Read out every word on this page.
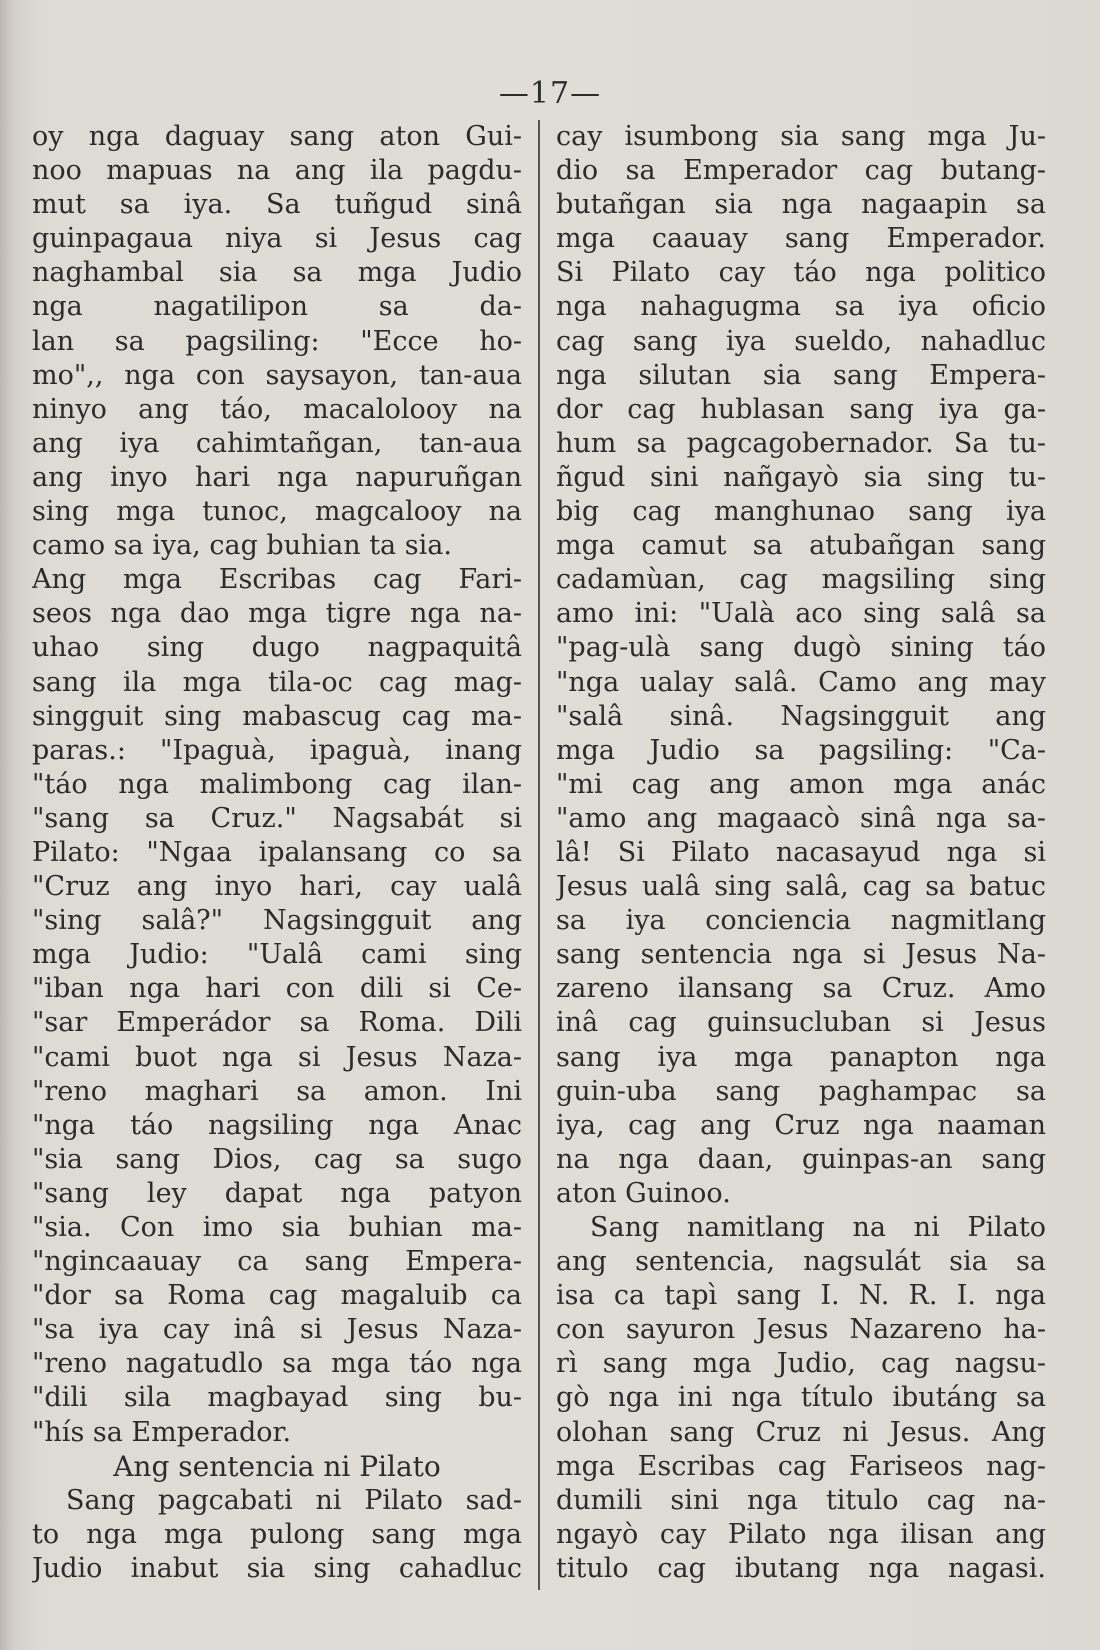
—17—
oy nga daguay sang aton Gui-
noo mapuas na ang ila pagdu-
mut sa iya. Sa tuñgud sinâ
guinpagaua niya si Jesus cag
naghambal sia sa mga Judio
nga nagatilipon sa da-
lan sa pagsiling: "Ecce ho-
mo",, nga con saysayon, tan-aua
ninyo ang táo, macalolooy na
ang iya cahimtañgan, tan-aua
ang inyo hari nga napuruñgan
sing mga tunoc, magcalooy na
camo sa iya, cag buhian ta sia.
Ang mga Escribas cag Fari-
seos nga dao mga tigre nga na-
uhao sing dugo nagpaquitâ
sang ila mga tila-oc cag mag-
singguit sing mabascug cag ma-
paras.: "Ipaguà, ipaguà, inang
"táo nga malimbong cag ilan-
"sang sa Cruz." Nagsabát si
Pilato: "Ngaa ipalansang co sa
"Cruz ang inyo hari, cay ualâ
"sing salâ?" Nagsingguit ang
mga Judio: "Ualâ cami sing
"iban nga hari con dili si Ce-
"sar Emperádor sa Roma. Dili
"cami buot nga si Jesus Naza-
"reno maghari sa amon. Ini
"nga táo nagsiling nga Anac
"sia sang Dios, cag sa sugo
"sang ley dapat nga patyon
"sia. Con imo sia buhian ma-
"ngincaauay ca sang Empera-
"dor sa Roma cag magaluib ca
"sa iya cay inâ si Jesus Naza-
"reno nagatudlo sa mga táo nga
"dili sila magbayad sing bu-
"hís sa Emperador.
Ang sentencia ni Pilato
Sang pagcabati ni Pilato sad-
to nga mga pulong sang mga
Judio inabut sia sing cahadluc
cay isumbong sia sang mga Ju-
dio sa Emperador cag butang-
butañgan sia nga nagaapin sa
mga caauay sang Emperador.
Si Pilato cay táo nga politico
nga nahagugma sa iya oficio
cag sang iya sueldo, nahadluc
nga silutan sia sang Empera-
dor cag hublasan sang iya ga-
hum sa pagcagobernador. Sa tu-
ñgud sini nañgayò sia sing tu-
big cag manghunao sang iya
mga camut sa atubañgan sang
cadamùan, cag magsiling sing
amo ini: "Ualà aco sing salâ sa
"pag-ulà sang dugò sining táo
"nga ualay salâ. Camo ang may
"salâ sinâ. Nagsingguit ang
mga Judio sa pagsiling: "Ca-
"mi cag ang amon mga anác
"amo ang magaacò sinâ nga sa-
lâ! Si Pilato nacasayud nga si
Jesus ualâ sing salâ, cag sa batuc
sa iya conciencia nagmitlang
sang sentencia nga si Jesus Na-
zareno ilansang sa Cruz. Amo
inâ cag guinsucluban si Jesus
sang iya mga panapton nga
guin-uba sang paghampac sa
iya, cag ang Cruz nga naaman
na nga daan, guinpas-an sang
aton Guinoo.
Sang namitlang na ni Pilato
ang sentencia, nagsulát sia sa
isa ca tapì sang I. N. R. I. nga
con sayuron Jesus Nazareno ha-
rì sang mga Judio, cag nagsu-
gò nga ini nga título ibutáng sa
olohan sang Cruz ni Jesus. Ang
mga Escribas cag Fariseos nag-
dumili sini nga titulo cag na-
ngayò cay Pilato nga ilisan ang
titulo cag ibutang nga nagasi.
